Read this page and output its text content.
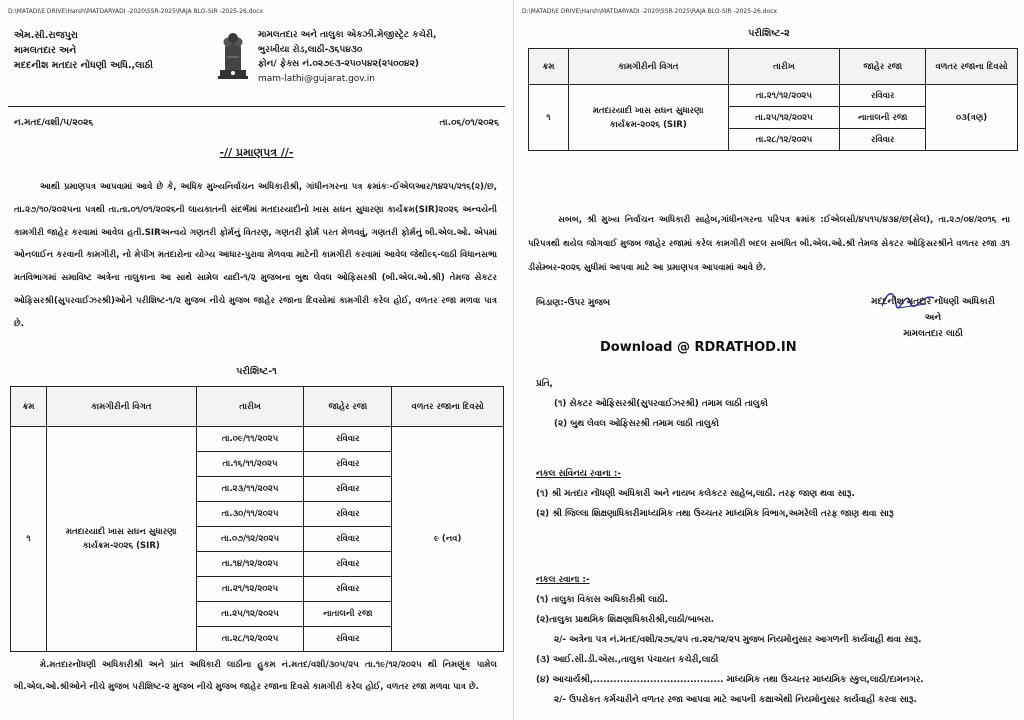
D:\MATADI\E DRIVE\Harsh\MATDARYADI -2020\SSR-2025\RAJA BLO-SIR -2025-26.docx
એમ.સી.રાજપુરા
મામલતદાર અને
મદદનીશ મતદાર નોંધણી અધિ.,લાઠી
મામલતદાર અને તાલુકા એકઝી.મેજીસ્ટ્રેટ કચેરી,
ભુરખીયા રોડ,લાઠી-૩૬૫૪૩૦
ફોન/ ફેક્સ નં.૦૨૭૯૩-૨૫૦૫૪૨(૨૫૦૦૪૨)
mam-lathi@gujarat.gov.in
ન.મતદ/વશી/૫/૨૦૨૬	તા.૦૬/૦૧/૨૦૨૬
-// પ્રમાણપત્ર //-
આથી પ્રમાણપત્ર આપવામાં આવે છે કે, અધિક મુખ્યનિર્વાચન અધિકારીશ્રી, ગાંધીનગરના પત્ર ક્રમાંકઃ-ઈએલઆર/૧૪૨૫/૨૧૬(૨)/છ, તા.૨૭/૧૦/૨૦૨૫ના પત્રથી તા.તા.૦૧/૦૧/૨૦૨૬ની લાયકાતની સંદર્ભમાં મતદારયાદીનો ખાસ સઘન સુધારણા કાર્યક્રમ(SIR)૨૦૨૬ અન્વયેની કામગીરી જાહેર કરવામાં આવેલ હતી.SIRઅન્વયે ગણતરી ફોર્મનું વિતરણ, ગણતરી ફોર્મ પરત મેળવવું, ગણતરી ફોર્મનું બી.એલ.ઓ. એપમાં ઓનલાઈન કરવાની કામગીરી, નો મેપીંગ મતદારોના યોગ્ય આધાર-પુરાવા મેળવવા માટેની કામગીરી કરવામાં આવેલ જેથી૯૬-લાઠી વિધાનસભા મતવિભાગમાં સમાવિષ્ટ અત્રેના તાલુકાના આ સાથે સામેલ યાદી-૧/૨ મુજબના બુથ લેવલ ઓફિસરશ્રી (બી.એલ.ઓ.શ્રી) તેમજ સેકટર ઓફિસરશ્રી(સુપરવાઈઝરશ્રી)ઓને પરીશિષ્ટ-૧/૨ મુજબ નીચે મુજબ જાહેર રજાના દિવસોમાં કામગીરી કરેલ હોઈ, વળતર રજા મળવા પાત્ર છે.
પરીશિષ્ટ-૧
ક્રમ	કામગીરીની વિગત	તારીખ	જાહેર રજા	વળતર રજાના દિવસો
૧	મતદારયાદી ખાસ સઘન સુધારણા
કાર્યક્રમ-૨૦૨૬ (SIR)	તા.૦૯/૧૧/૨૦૨૫	રવિવાર	૯ (નવ)
		તા.૧૬/૧૧/૨૦૨૫	રવિવાર	
		તા.૨૩/૧૧/૨૦૨૫	રવિવાર	
		તા.૩૦/૧૧/૨૦૨૫	રવિવાર	
		તા.૦૭/૧૨/૨૦૨૫	રવિવાર	
		તા.૧૪/૧૨/૨૦૨૫	રવિવાર	
		તા.૨૧/૧૨/૨૦૨૫	રવિવાર	
		તા.૨૫/૧૨/૨૦૨૫	નાતાલની રજા	
		તા.૨૮/૧૨/૨૦૨૫	રવિવાર	
મે.મતદારનોંધણી અધિકારીશ્રી અને પ્રાંત અધિકારી લાઠીના હુકમ નં.મતદ/વશી/૩૦૫/૨૫ તા.૧૯/૧૨/૨૦૨૫ થી નિમણૂંક પામેલ બી.એલ.ઓ.શ્રીઓને નીચે મુજબ પરીશિષ્ટ-૨ મુજબ નીચે મુજબ જાહેર રજાના દિવસે કામગીરી કરેલ હોઈ, વળતર રજા મળવા પાત્ર છે.
D:\MATADI\E DRIVE\Harsh\MATDARYADI -2020\SSR-2025\RAJA BLO-SIR -2025-26.docx
પરીશિષ્ટ-૨
ક્રમ	કામગીરીની વિગત	તારીખ	જાહેર રજા	વળતર રજાના દિવસો
૧	મતદારયાદી ખાસ સઘન સુધારણા
કાર્યક્રમ-૨૦૨૬ (SIR)	તા.૨૧/૧૨/૨૦૨૫	રવિવાર	૦૩(ત્રણ)
		તા.૨૫/૧૨/૨૦૨૫	નાતાલની રજા	
		તા.૨૮/૧૨/૨૦૨૫	રવિવાર	
સબબ, શ્રી મુખ્ય નિર્વાચન અધિકારી સાહેબ,ગાંધીનગરના પરિપત્ર ક્રમાંક :ઈએલસી/૪૫૧૫/૪૩૪/છ(સેલ), તા.૨૭/૦૪/૨૦૧૬ ના પરિપત્રથી થયેલ જોગવાઈ મુજબ જાહેર રજામાં કરેલ કામગીરી બદલ સબંધિત બી.એલ.ઓ.શ્રી તેમજ સેકટર ઓફિસરશ્રીને વળતર રજા ૩૧ ડીસેમ્બર-૨૦૨૬ સુધીમાં આપવા માટે આ પ્રમાણપત્ર આપવામાં આવે છે.
બિડાણ:-ઉપર મુજબ	મદદનીશ મતદાર નોંધણી અધિકારી
અને
મામલતદાર લાઠી
Download @ RDRATHOD.IN
પ્રતિ,
(૧) સેકટર ઓફિસરશ્રી(સુપરવાઈઝરશ્રી) તમામ લાઠી તાલુકો
(૨) બુથ લેવલ ઓફિસરશ્રી તમામ લાઠી તાલુકો
નકલ સવિનય રવાના :-
(૧) શ્રી મતદાર નોંધણી અધિકારી અને નાયબ કલેકટર સાહેબ,લાઠી. તરફ જાણ થવા સારૂ.
(૨) શ્રી જિલ્લા શિક્ષણાધિકારીમાધ્યમિક તથા ઉચ્ચતર માધ્યમિક વિભાગ,અમરેલી તરફ જાણ થવા સારૂ
નકલ રવાના :-
(૧) તાલુકા વિકાસ અધિકારીશ્રી લાઠી.
(૨)તાલુકા પ્રાથમિક શિક્ષણાધિકારીશ્રી,લાઠી/બાબરા.
૨/- અત્રેના પત્ર નં.મતદ/વશી/૨૭૬/૨૫ તા.૨૨/૧૨/૨૫ મુજબ નિયમોનુસાર આગળની કાર્યવાહી થવા સારૂ.
(૩) આઈ.સી.ડી.એસ.,તાલુકા પંચાયત કચેરી,લાઠી
(૪) આચાર્યશ્રી,....................................... માધ્યમિક તથા ઉચ્ચતર માધ્યમિક સ્કુલ,લાઠી/દામનગર.
૨/- ઉપરોકત કર્મચારીને વળતર રજા આપવા માટે આપની કક્ષાએથી નિયમોનુસાર કાર્યવાહી કરવા સારૂ.
